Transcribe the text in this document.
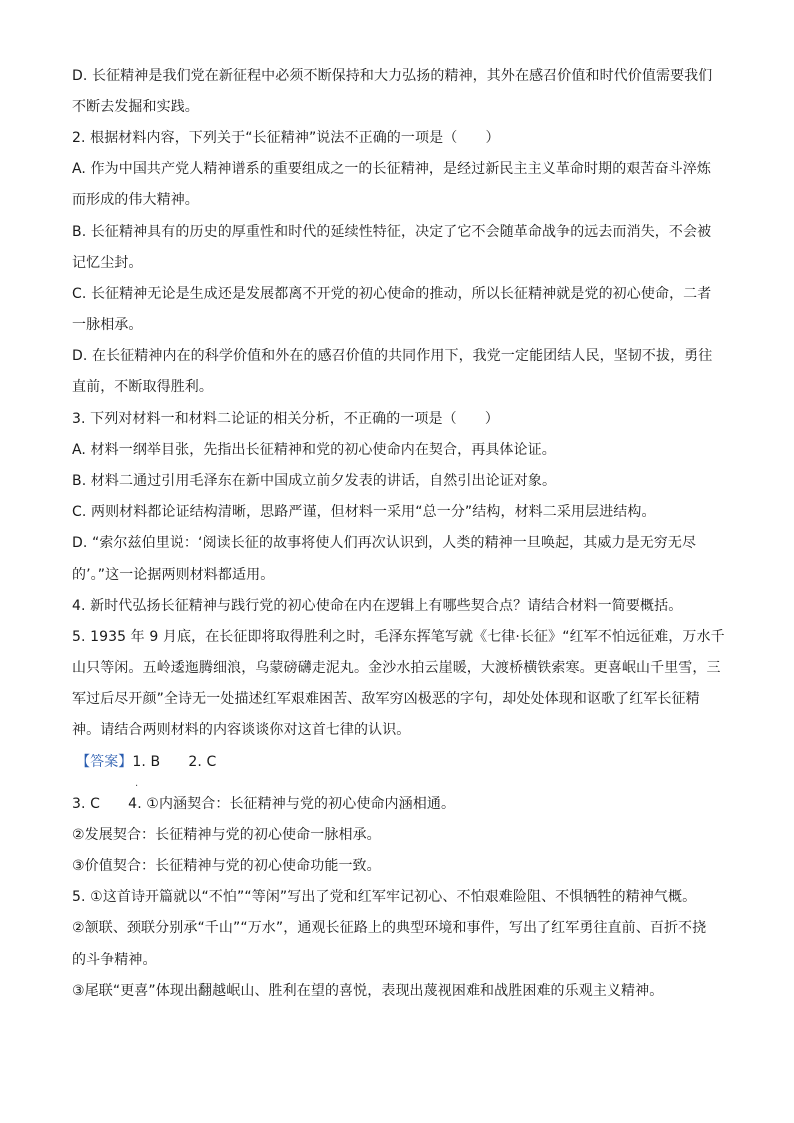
D. 长征精神是我们党在新征程中必须不断保持和大力弘扬的精神，其外在感召价值和时代价值需要我们
不断去发掘和实践。
2. 根据材料内容，下列关于“长征精神”说法不正确的一项是（　　）
A. 作为中国共产党人精神谱系的重要组成之一的长征精神，是经过新民主主义革命时期的艰苦奋斗淬炼
而形成的伟大精神。
B. 长征精神具有的历史的厚重性和时代的延续性特征，决定了它不会随革命战争的远去而消失，不会被
记忆尘封。
C. 长征精神无论是生成还是发展都离不开党的初心使命的推动，所以长征精神就是党的初心使命，二者
一脉相承。
D. 在长征精神内在的科学价值和外在的感召价值的共同作用下，我党一定能团结人民，坚韧不拔，勇往
直前，不断取得胜利。
3. 下列对材料一和材料二论证的相关分析，不正确的一项是（　　）
A. 材料一纲举目张，先指出长征精神和党的初心使命内在契合，再具体论证。
B. 材料二通过引用毛泽东在新中国成立前夕发表的讲话，自然引出论证对象。
C. 两则材料都论证结构清晰，思路严谨，但材料一采用“总一分”结构，材料二采用层进结构。
D. “索尔兹伯里说：‘阅读长征的故事将使人们再次认识到，人类的精神一旦唤起，其威力是无穷无尽
的’。”这一论据两则材料都适用。
4. 新时代弘扬长征精神与践行党的初心使命在内在逻辑上有哪些契合点？请结合材料一简要概括。
5. 1935 年 9 月底，在长征即将取得胜利之时，毛泽东挥笔写就《七律·长征》“红军不怕远征难，万水千
山只等闲。五岭逶迤腾细浪，乌蒙磅礴走泥丸。金沙水拍云崖暖，大渡桥横铁索寒。更喜岷山千里雪，三
军过后尽开颜”全诗无一处描述红军艰难困苦、敌军穷凶极恶的字句，却处处体现和讴歌了红军长征精
神。请结合两则材料的内容谈谈你对这首七律的认识。
【答案】1. B　　2. C
·
3. C　　4. ①内涵契合：长征精神与党的初心使命内涵相通。
②发展契合：长征精神与党的初心使命一脉相承。
③价值契合：长征精神与党的初心使命功能一致。
5. ①这首诗开篇就以“不怕”“等闲”写出了党和红军牢记初心、不怕艰难险阻、不惧牺牲的精神气概。
②颔联、颈联分别承“千山”“万水”，通观长征路上的典型环境和事件，写出了红军勇往直前、百折不挠
的斗争精神。
③尾联“更喜”体现出翻越岷山、胜利在望的喜悦，表现出蔑视困难和战胜困难的乐观主义精神。
